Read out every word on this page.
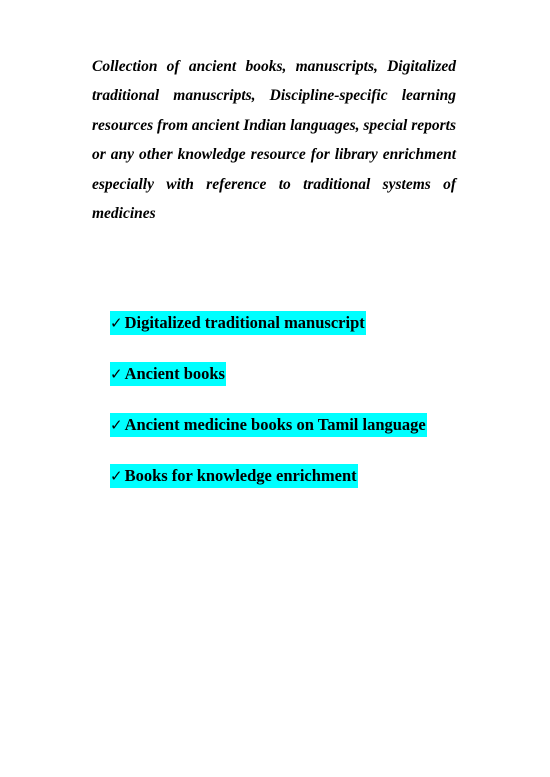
Collection of ancient books, manuscripts, Digitalized traditional manuscripts, Discipline-specific learning resources from ancient Indian languages, special reports or any other knowledge resource for library enrichment especially with reference to traditional systems of medicines

✓ Digitalized traditional manuscript
✓ Ancient books
✓ Ancient medicine books on Tamil language
✓ Books for knowledge enrichment
